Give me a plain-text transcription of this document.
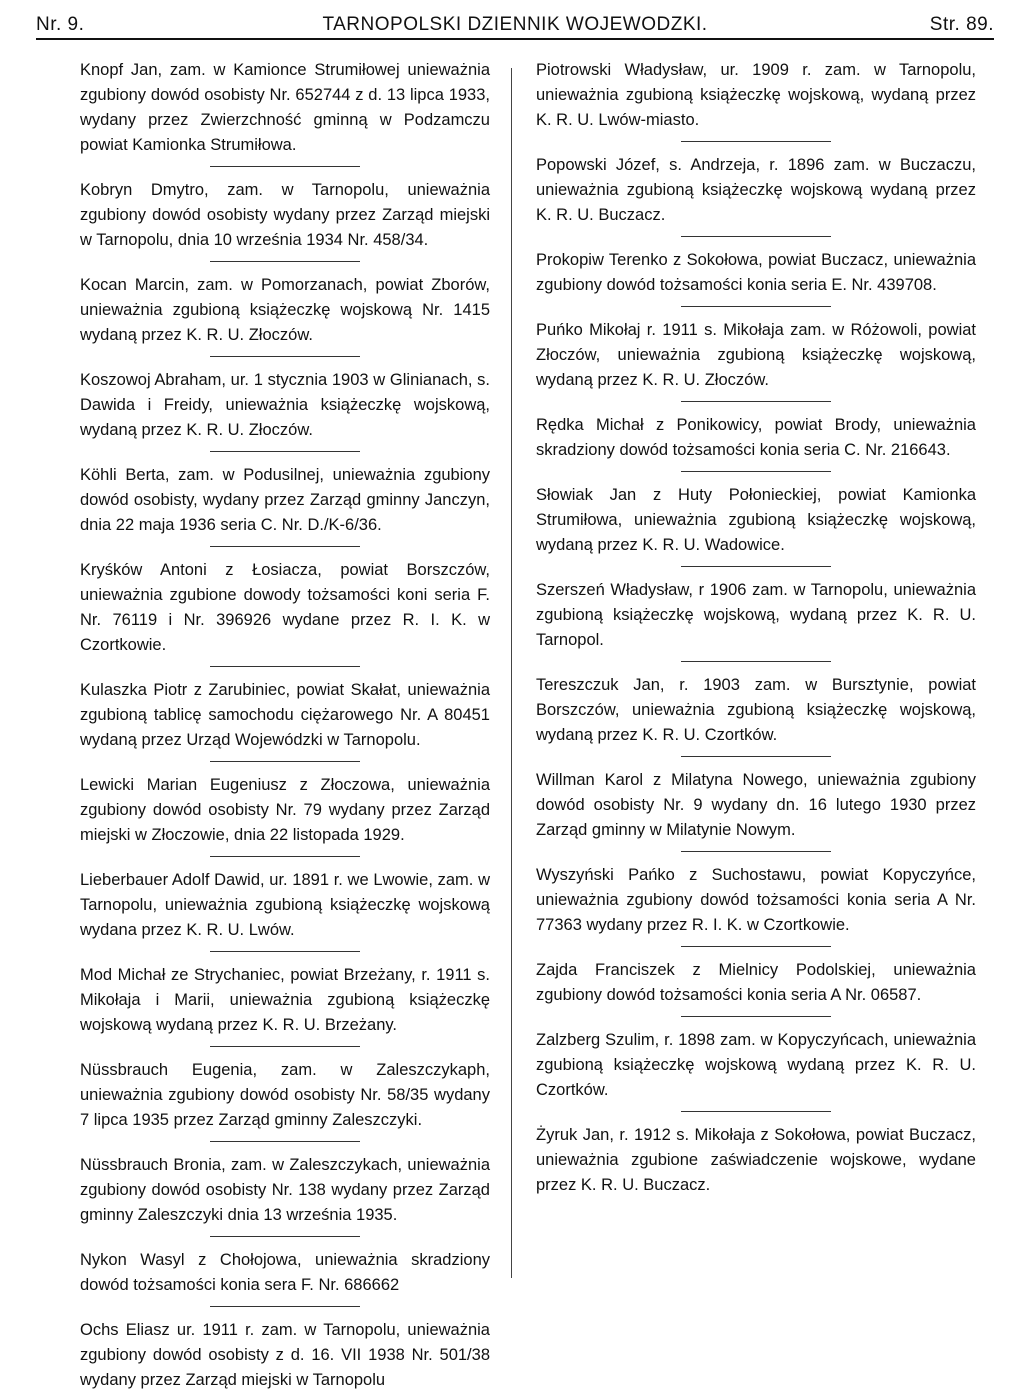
Nr. 9.	TARNOPOLSKI DZIENNIK WOJEWODZKI.	Str. 89.

Knopf Jan, zam. w Kamionce Strumiłowej unieważnia zgubiony dowód osobisty Nr. 652744 z d. 13 lipca 1933, wydany przez Zwierzchność gminną w Podzamczu powiat Kamionka Strumiłowa.

Kobryn Dmytro, zam. w Tarnopolu, unieważnia zgubiony dowód osobisty wydany przez Zarząd miejski w Tarnopolu, dnia 10 września 1934 Nr. 458/34.

Kocan Marcin, zam. w Pomorzanach, powiat Zborów, unieważnia zgubioną książeczkę wojskową Nr. 1415 wydaną przez K. R. U. Złoczów.

Koszowoj Abraham, ur. 1 stycznia 1903 w Glinianach, s. Dawida i Freidy, unieważnia książeczkę wojskową, wydaną przez K. R. U. Złoczów.

Köhli Berta, zam. w Podusilnej, unieważnia zgubiony dowód osobisty, wydany przez Zarząd gminny Janczyn, dnia 22 maja 1936 seria C. Nr. D./K-6/36.

Kryśków Antoni z Łosiacza, powiat Borszczów, unieważnia zgubione dowody tożsamości koni seria F. Nr. 76119 i Nr. 396926 wydane przez R. I. K. w Czortkowie.

Kulaszka Piotr z Zarubiniec, powiat Skałat, unieważnia zgubioną tablicę samochodu ciężarowego Nr. A 80451 wydaną przez Urząd Wojewódzki w Tarnopolu.

Lewicki Marian Eugeniusz z Złoczowa, unieważnia zgubiony dowód osobisty Nr. 79 wydany przez Zarząd miejski w Złoczowie, dnia 22 listopada 1929.

Lieberbauer Adolf Dawid, ur. 1891 r. we Lwowie, zam. w Tarnopolu, unieważnia zgubioną książeczkę wojskową wydana przez K. R. U. Lwów.

Mod Michał ze Strychaniec, powiat Brzeżany, r. 1911 s. Mikołaja i Marii, unieważnia zgubioną książeczkę wojskową wydaną przez K. R. U. Brzeżany.

Nüssbrauch Eugenia, zam. w Zaleszczykaph, unieważnia zgubiony dowód osobisty Nr. 58/35 wydany 7 lipca 1935 przez Zarząd gminny Zaleszczyki.

Nüssbrauch Bronia, zam. w Zaleszczykach, unieważnia zgubiony dowód osobisty Nr. 138 wydany przez Zarząd gminny Zaleszczyki dnia 13 września 1935.

Nykon Wasyl z Chołojowa, unieważnia skradziony dowód tożsamości konia sera F. Nr. 686662

Ochs Eliasz ur. 1911 r. zam. w Tarnopolu, unieważnia zgubiony dowód osobisty z d. 16. VII 1938 Nr. 501/38 wydany przez Zarząd miejski w Tarnopolu

Piotrowski Władysław, ur. 1909 r. zam. w Tarnopolu, unieważnia zgubioną książeczkę wojskową, wydaną przez K. R. U. Lwów-miasto.

Popowski Józef, s. Andrzeja, r. 1896 zam. w Buczaczu, unieważnia zgubioną książeczkę wojskową wydaną przez K. R. U. Buczacz.

Prokopiw Terenko z Sokołowa, powiat Buczacz, unieważnia zgubiony dowód tożsamości konia seria E. Nr. 439708.

Puńko Mikołaj r. 1911 s. Mikołaja zam. w Różowoli, powiat Złoczów, unieważnia zgubioną książeczkę wojskową, wydaną przez K. R. U. Złoczów.

Rędka Michał z Ponikowicy, powiat Brody, unieważnia skradziony dowód tożsamości konia seria C. Nr. 216643.

Słowiak Jan z Huty Połonieckiej, powiat Kamionka Strumiłowa, unieważnia zgubioną książeczkę wojskową, wydaną przez K. R. U. Wadowice.

Szerszeń Władysław, r 1906 zam. w Tarnopolu, unieważnia zgubioną książeczkę wojskową, wydaną przez K. R. U. Tarnopol.

Tereszczuk Jan, r. 1903 zam. w Bursztynie, powiat Borszczów, unieważnia zgubioną książeczkę wojskową, wydaną przez K. R. U. Czortków.

Willman Karol z Milatyna Nowego, unieważnia zgubiony dowód osobisty Nr. 9 wydany dn. 16 lutego 1930 przez Zarząd gminny w Milatynie Nowym.

Wyszyński Pańko z Suchostawu, powiat Kopyczyńce, unieważnia zgubiony dowód tożsamości konia seria A Nr. 77363 wydany przez R. I. K. w Czortkowie.

Zajda Franciszek z Mielnicy Podolskiej, unieważnia zgubiony dowód tożsamości konia seria A Nr. 06587.

Zalzberg Szulim, r. 1898 zam. w Kopyczyńcach, unieważnia zgubioną książeczkę wojskową wydaną przez K. R. U. Czortków.

Żyruk Jan, r. 1912 s. Mikołaja z Sokołowa, powiat Buczacz, unieważnia zgubione zaświadczenie wojskowe, wydane przez K. R. U. Buczacz.
